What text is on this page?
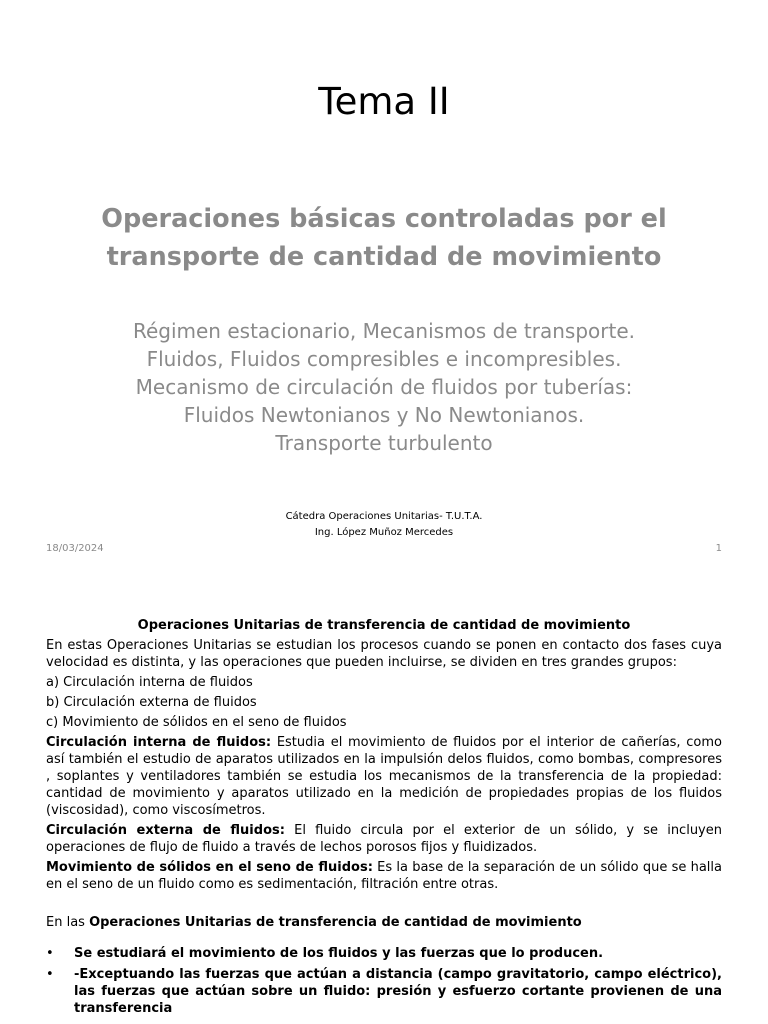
Tema II
Operaciones básicas controladas por el transporte de cantidad de movimiento
Régimen estacionario, Mecanismos de transporte.
Fluidos, Fluidos compresibles e incompresibles.
Mecanismo de circulación de fluidos por tuberías:
Fluidos Newtonianos y No Newtonianos.
Transporte turbulento
Cátedra Operaciones Unitarias- T.U.T.A.
Ing. López Muñoz Mercedes
18/03/2024	1
Operaciones Unitarias de transferencia de cantidad de movimiento
En estas Operaciones Unitarias se estudian los procesos cuando se ponen en contacto dos fases cuya velocidad es distinta, y las operaciones que pueden incluirse, se dividen en tres grandes grupos:
a) Circulación interna de fluidos
b) Circulación externa de fluidos
c) Movimiento de sólidos en el seno de fluidos
Circulación interna de fluidos: Estudia el movimiento de fluidos por el interior de cañerías, como así también el estudio de aparatos utilizados en la impulsión delos fluidos, como bombas, compresores , soplantes y ventiladores también se estudia los mecanismos de la transferencia de la propiedad: cantidad de movimiento y aparatos utilizado en la medición de propiedades propias de los fluidos (viscosidad), como viscosímetros.
Circulación externa de fluidos: El fluido circula por el exterior de un sólido, y se incluyen operaciones de flujo de fluido a través de lechos porosos fijos y fluidizados.
Movimiento de sólidos en el seno de fluidos: Es la base de la separación de un sólido que se halla en el seno de un fluido como es sedimentación, filtración entre otras.
En las Operaciones Unitarias de transferencia de cantidad de movimiento
• Se estudiará el movimiento de los fluidos y las fuerzas que lo producen.
• -Exceptuando las fuerzas que actúan a distancia (campo gravitatorio, campo eléctrico), las fuerzas que actúan sobre un fluido: presión y esfuerzo cortante provienen de una transferencia
